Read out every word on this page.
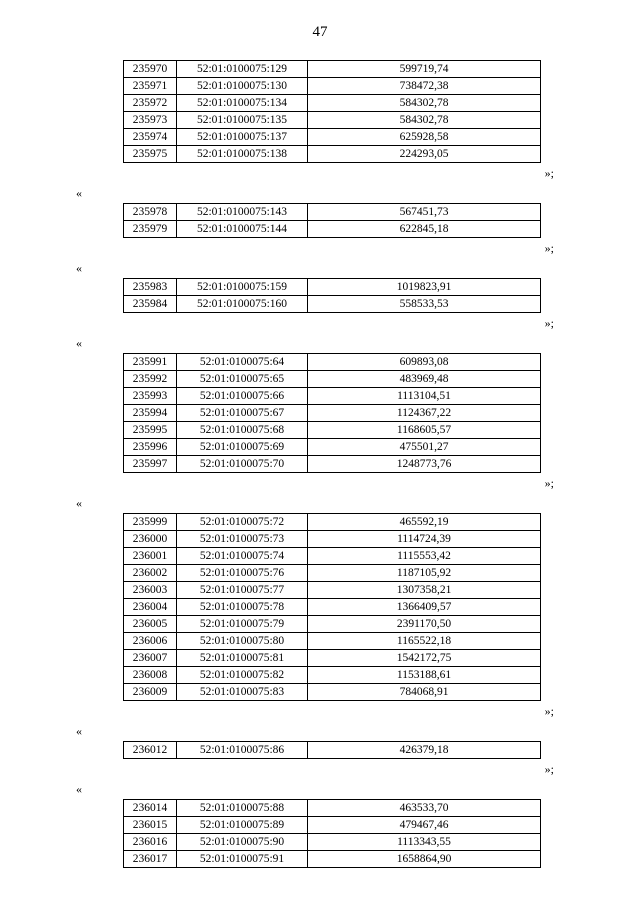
47
235970	52:01:0100075:129	599719,74
235971	52:01:0100075:130	738472,38
235972	52:01:0100075:134	584302,78
235973	52:01:0100075:135	584302,78
235974	52:01:0100075:137	625928,58
235975	52:01:0100075:138	224293,05
»;
«
235978	52:01:0100075:143	567451,73
235979	52:01:0100075:144	622845,18
»;
«
235983	52:01:0100075:159	1019823,91
235984	52:01:0100075:160	558533,53
»;
«
235991	52:01:0100075:64	609893,08
235992	52:01:0100075:65	483969,48
235993	52:01:0100075:66	1113104,51
235994	52:01:0100075:67	1124367,22
235995	52:01:0100075:68	1168605,57
235996	52:01:0100075:69	475501,27
235997	52:01:0100075:70	1248773,76
»;
«
235999	52:01:0100075:72	465592,19
236000	52:01:0100075:73	1114724,39
236001	52:01:0100075:74	1115553,42
236002	52:01:0100075:76	1187105,92
236003	52:01:0100075:77	1307358,21
236004	52:01:0100075:78	1366409,57
236005	52:01:0100075:79	2391170,50
236006	52:01:0100075:80	1165522,18
236007	52:01:0100075:81	1542172,75
236008	52:01:0100075:82	1153188,61
236009	52:01:0100075:83	784068,91
»;
«
236012	52:01:0100075:86	426379,18
»;
«
236014	52:01:0100075:88	463533,70
236015	52:01:0100075:89	479467,46
236016	52:01:0100075:90	1113343,55
236017	52:01:0100075:91	1658864,90
